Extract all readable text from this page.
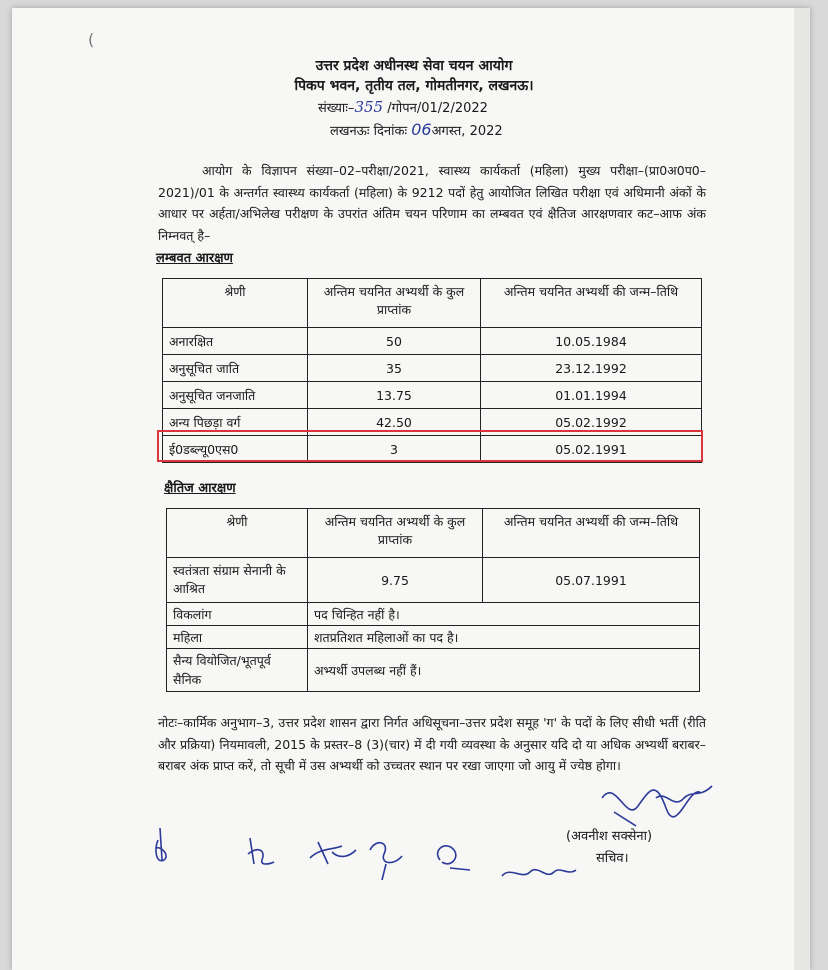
(
उत्तर प्रदेश अधीनस्थ सेवा चयन आयोग
पिकप भवन, तृतीय तल, गोमतीनगर, लखनऊ।
संख्याः–355 /गोपन/01/2/2022
लखनऊः दिनांकः 06अगस्त, 2022
आयोग के विज्ञापन संख्या–02–परीक्षा/2021, स्वास्थ्य कार्यकर्ता (महिला) मुख्य परीक्षा–(प्रा0अ0प0–2021)/01 के अन्तर्गत स्वास्थ्य कार्यकर्ता (महिला) के 9212 पदों हेतु आयोजित लिखित परीक्षा एवं अधिमानी अंकों के आधार पर अर्हता/अभिलेख परीक्षण के उपरांत अंतिम चयन परिणाम का लम्बवत एवं क्षैतिज आरक्षणवार कट–आफ अंक निम्नवत् है–
लम्बवत आरक्षण
श्रेणी	अन्तिम चयनित अभ्यर्थी के कुल प्राप्तांक	अन्तिम चयनित अभ्यर्थी की जन्म–तिथि
अनारक्षित	50	10.05.1984
अनुसूचित जाति	35	23.12.1992
अनुसूचित जनजाति	13.75	01.01.1994
अन्य पिछड़ा वर्ग	42.50	05.02.1992
ई0डब्ल्यू0एस0	3	05.02.1991
क्षैतिज आरक्षण
श्रेणी	अन्तिम चयनित अभ्यर्थी के कुल प्राप्तांक	अन्तिम चयनित अभ्यर्थी की जन्म–तिथि
स्वतंत्रता संग्राम सेनानी के आश्रित	9.75	05.07.1991
विकलांग	पद चिन्हित नहीं है।	
महिला	शतप्रतिशत महिलाओं का पद है।	
सैन्य वियोजित/भूतपूर्व सैनिक	अभ्यर्थी उपलब्ध नहीं हैं।	
नोटः–कार्मिक अनुभाग–3, उत्तर प्रदेश शासन द्वारा निर्गत अधिसूचना–उत्तर प्रदेश समूह 'ग' के पदों के लिए सीधी भर्ती (रीति और प्रक्रिया) नियमावली, 2015 के प्रस्तर–8 (3)(चार) में दी गयी व्यवस्था के अनुसार यदि दो या अधिक अभ्यर्थी बराबर–बराबर अंक प्राप्त करें, तो सूची में उस अभ्यर्थी को उच्चतर स्थान पर रखा जाएगा जो आयु में ज्येष्ठ होगा।
(अवनीश सक्सेना)
सचिव।
